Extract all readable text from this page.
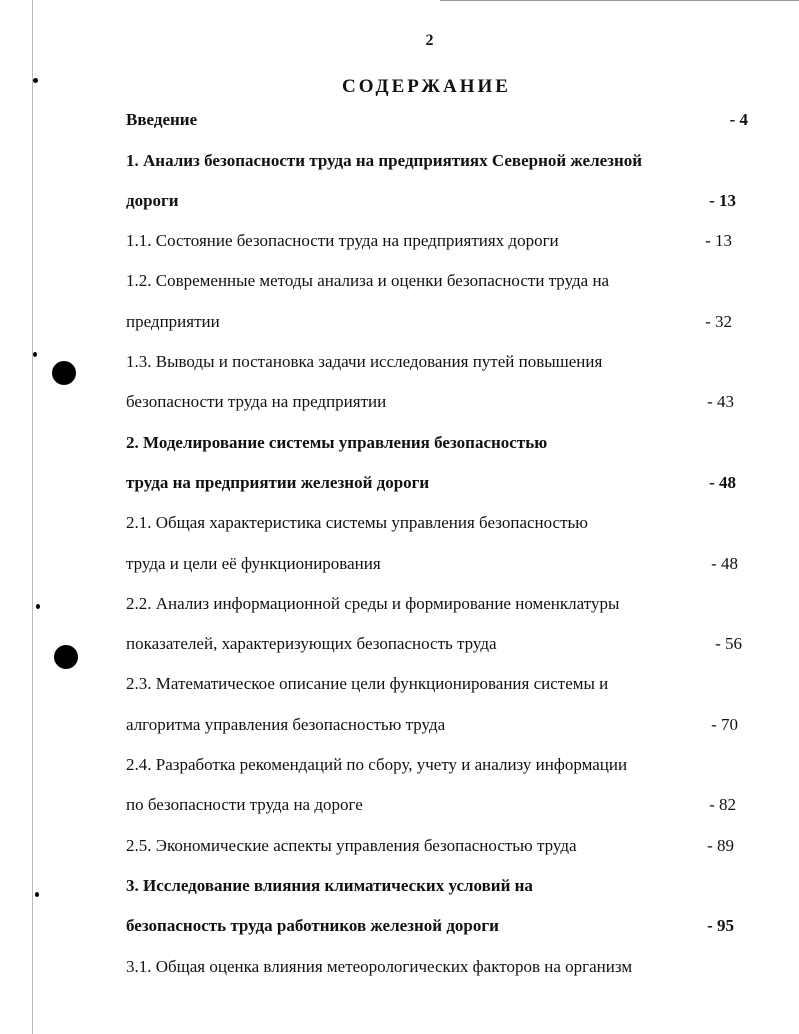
2
СОДЕРЖАНИЕ
Введение	- 4
1. Анализ безопасности труда на предприятиях Северной железной
дороги	- 13
1.1. Состояние безопасности труда на предприятиях дороги	- 13
1.2. Современные методы анализа и оценки безопасности труда на
предприятии	- 32
1.3. Выводы и постановка задачи исследования путей повышения
безопасности труда на предприятии	- 43
2. Моделирование системы управления безопасностью
труда на предприятии железной дороги	- 48
2.1. Общая характеристика системы управления безопасностью
труда и цели её функционирования	- 48
2.2. Анализ информационной среды и формирование номенклатуры
показателей, характеризующих безопасность труда	- 56
2.3. Математическое описание цели функционирования системы и
алгоритма управления безопасностью труда	- 70
2.4. Разработка рекомендаций по сбору, учету и анализу информации
по безопасности труда на дороге	- 82
2.5. Экономические аспекты управления безопасностью труда	- 89
3. Исследование влияния климатических условий на
безопасность труда работников железной дороги	- 95
3.1. Общая оценка влияния метеорологических факторов на организм
